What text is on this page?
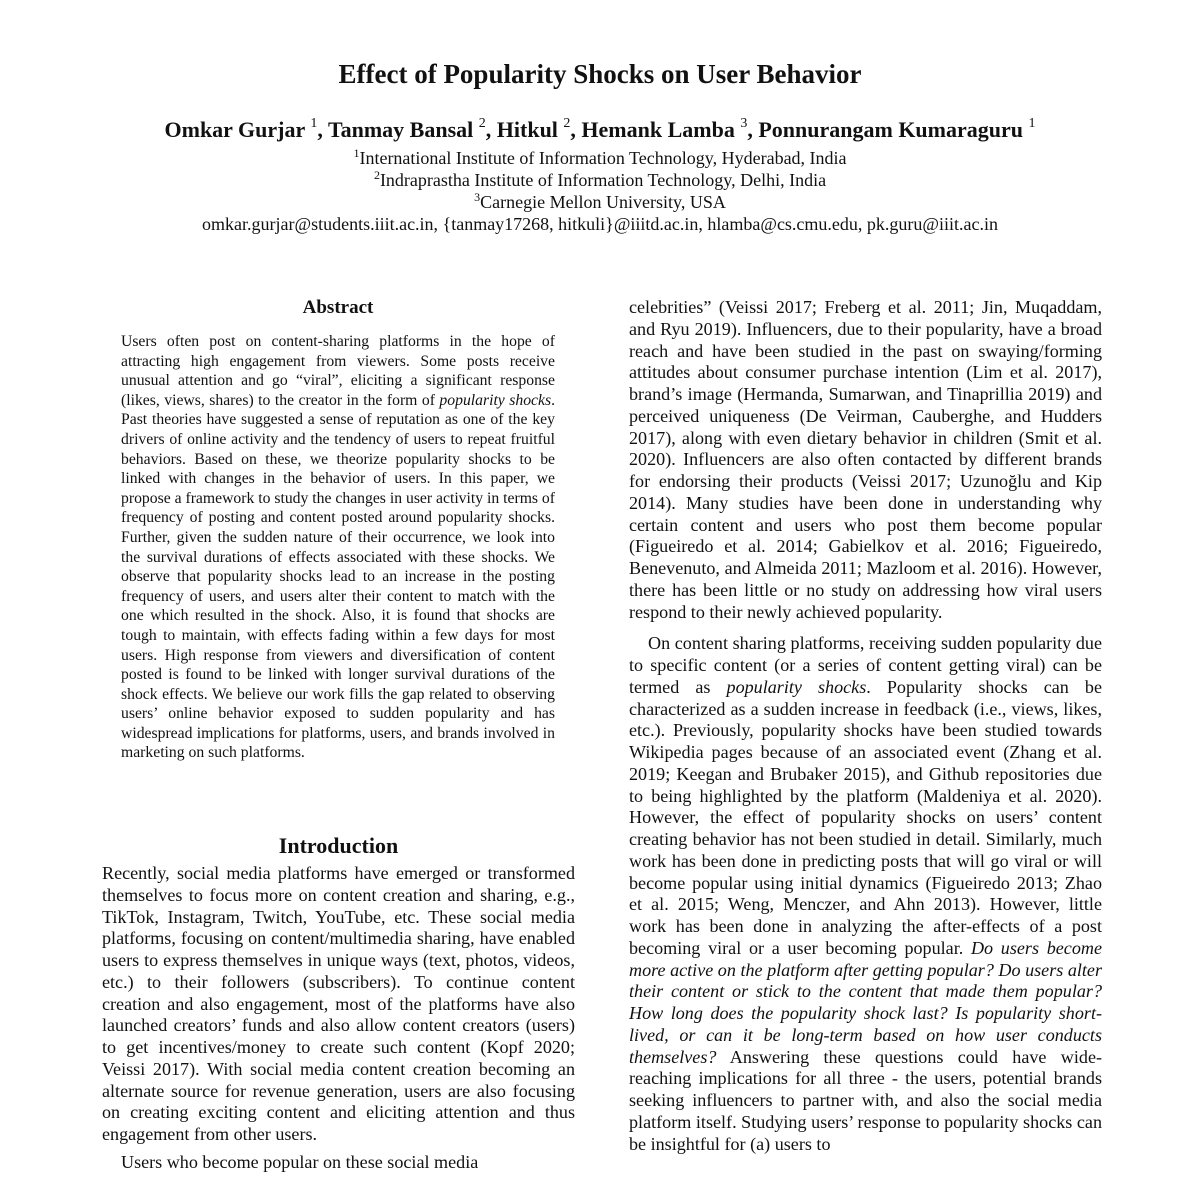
Effect of Popularity Shocks on User Behavior
Omkar Gurjar $^1$, Tanmay Bansal $^2$, Hitkul $^2$, Hemank Lamba $^3$, Ponnurangam Kumaraguru $^1$
$^1$International Institute of Information Technology, Hyderabad, India
$^2$Indraprastha Institute of Information Technology, Delhi, India
$^3$Carnegie Mellon University, USA
omkar.gurjar@students.iiit.ac.in, {tanmay17268, hitkuli}@iiitd.ac.in, hlamba@cs.cmu.edu, pk.guru@iiit.ac.in
Abstract

Users often post on content-sharing platforms in the hope of attracting high engagement from viewers. Some posts receive unusual attention and go “viral”, eliciting a significant response (likes, views, shares) to the creator in the form of popularity shocks. Past theories have suggested a sense of reputation as one of the key drivers of online activity and the tendency of users to repeat fruitful behaviors. Based on these, we theorize popularity shocks to be linked with changes in the behavior of users. In this paper, we propose a framework to study the changes in user activity in terms of frequency of posting and content posted around popularity shocks. Further, given the sudden nature of their occurrence, we look into the survival durations of effects associated with these shocks. We observe that popularity shocks lead to an increase in the posting frequency of users, and users alter their content to match with the one which resulted in the shock. Also, it is found that shocks are tough to maintain, with effects fading within a few days for most users. High response from viewers and diversification of content posted is found to be linked with longer survival durations of the shock effects. We believe our work fills the gap related to observing users’ online behavior exposed to sudden popularity and has widespread implications for platforms, users, and brands involved in marketing on such platforms.

Introduction

Recently, social media platforms have emerged or transformed themselves to focus more on content creation and sharing, e.g., TikTok, Instagram, Twitch, YouTube, etc. These social media platforms, focusing on content/multimedia sharing, have enabled users to express themselves in unique ways (text, photos, videos, etc.) to their followers (subscribers). To continue content creation and also engagement, most of the platforms have also launched creators’ funds and also allow content creators (users) to get incentives/money to create such content (Kopf 2020; Veissi 2017). With social media content creation becoming an alternate source for revenue generation, users are also focusing on creating exciting content and eliciting attention and thus engagement from other users.

Users who become popular on these social media

celebrities” (Veissi 2017; Freberg et al. 2011; Jin, Muqaddam, and Ryu 2019). Influencers, due to their popularity, have a broad reach and have been studied in the past on swaying/forming attitudes about consumer purchase intention (Lim et al. 2017), brand’s image (Hermanda, Sumarwan, and Tinaprillia 2019) and perceived uniqueness (De Veirman, Cauberghe, and Hudders 2017), along with even dietary behavior in children (Smit et al. 2020). Influencers are also often contacted by different brands for endorsing their products (Veissi 2017; Uzunoğlu and Kip 2014). Many studies have been done in understanding why certain content and users who post them become popular (Figueiredo et al. 2014; Gabielkov et al. 2016; Figueiredo, Benevenuto, and Almeida 2011; Mazloom et al. 2016). However, there has been little or no study on addressing how viral users respond to their newly achieved popularity.

On content sharing platforms, receiving sudden popularity due to specific content (or a series of content getting viral) can be termed as popularity shocks. Popularity shocks can be characterized as a sudden increase in feedback (i.e., views, likes, etc.). Previously, popularity shocks have been studied towards Wikipedia pages because of an associated event (Zhang et al. 2019; Keegan and Brubaker 2015), and Github repositories due to being highlighted by the platform (Maldeniya et al. 2020). However, the effect of popularity shocks on users’ content creating behavior has not been studied in detail. Similarly, much work has been done in predicting posts that will go viral or will become popular using initial dynamics (Figueiredo 2013; Zhao et al. 2015; Weng, Menczer, and Ahn 2013). However, little work has been done in analyzing the after-effects of a post becoming viral or a user becoming popular. Do users become more active on the platform after getting popular? Do users alter their content or stick to the content that made them popular? How long does the popularity shock last? Is popularity short-lived, or can it be long-term based on how user conducts themselves? Answering these questions could have wide-reaching implications for all three - the users, potential brands seeking influencers to partner with, and also the social media platform itself. Studying users’ response to popularity shocks can be insightful for (a) users to
